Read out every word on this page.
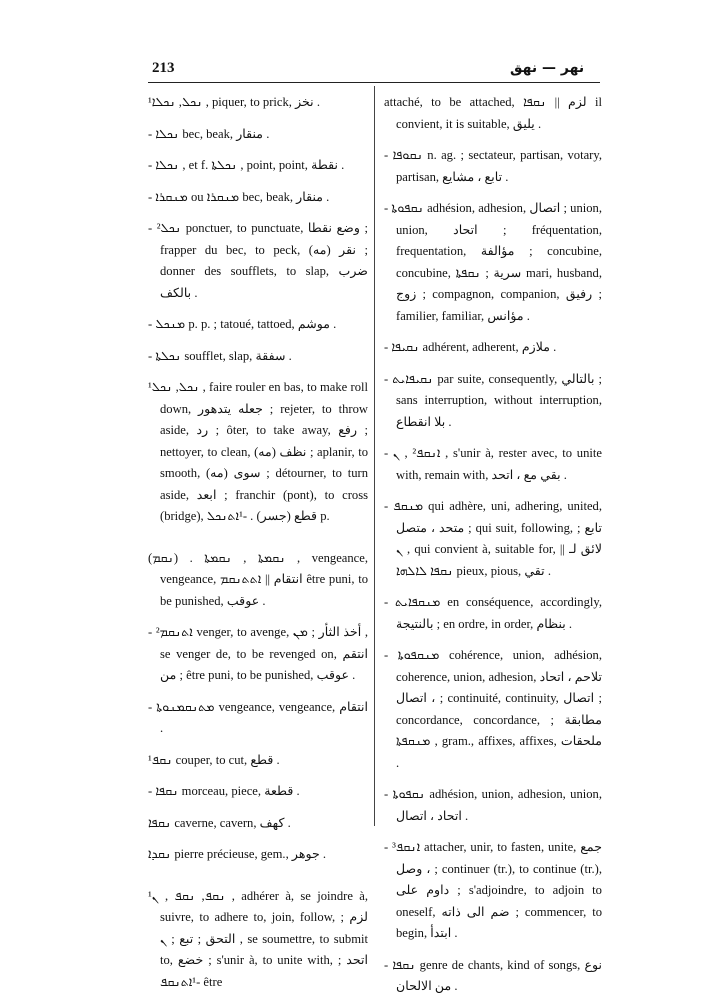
213	نهر — نهق

¹ܢܟܠ, ܢܟܠܐ , piquer, to prick, نخز .

- ܢܟܠܐ bec, beak, منقار .

- ܢܟܠܐ , et f. ܢܟܠܬܐ , point, point, نقطة .

- ܡܢܩܪܐ ou ܡܢܩܪܐ bec, beak, منقار .

- ܢܟܠ² ponctuer, to punctuate, وضع نقطا ; frapper du bec, to peck, نقر (مه) ; donner des soufflets, to slap, ضرب بالكف .

- ܡܢܟܠ p. p. ; tatoué, tattoed, موشم .

- ܢܟܠܬܐ soufflet, slap, سفقة .

¹ܢܟܠ, ܢܟܠ , faire rouler en bas, to make roll down, جعله يتدهور ; rejeter, to throw aside, رد ; ôter, to take away, رفع ; nettoyer, to clean, نظف (مه) ; aplanir, to smooth, سوى (مه) ; détourner, to turn aside, ابعد ; franchir (pont), to cross (bridge), قطع (جسر) . -¹ܐܬܢܟܠ p.

(ܢܩܡ) . ܢܩܡܬܐ , ܢܩܡܬܐ , vengeance, vengeance, انتقام || ܐܬܬܢܩܡ être puni, to be punished, عوقب .

- ܐܬܢܩܡ² venger, to avenge, أخذ الثأر ; ܡܢ , se venger de, to be revenged on, انتقم من ; être puni, to be punished, عوقب .

- ܡܬܢܩܡܢܘܬܐ vengeance, vengeance, انتقام .

¹ܢܩܦ couper, to cut, قطع .

- ܢܩܦܐ morceau, piece, قطعة .

ܢܩܦܐ caverne, cavern, كهف .

ܢܩܕܐ pierre précieuse, gem., جوهر .

¹ܢܩܦ, ܢܩܦ , ܢ , adhérer à, se joindre à, suivre, to adhere to, join, follow, لزم ; التحق ; تبع ; ܢ , se soumettre, to submit to, خضع ; s'unir à, to unite with, اتحد ; -¹ܐܬܢܩܦ être

attaché, to be attached, لزم || ܢܩܦܐ il convient, it is suitable, يليق .

- ܢܩܘܦܐ n. ag. ; sectateur, partisan, votary, partisan, تابع ، مشايع .

- ܢܩܦܘܬܐ adhésion, adhesion, اتصال ; union, union, اتحاد ; fréquentation, frequentation, مؤالفة ; concubine, concubine, سرية ; ܢܩܦܬܐ mari, husband, زوج ; compagnon, companion, رفيق ; familier, familiar, مؤانس .

- ܢܩܝܦܐ adhérent, adherent, ملازم .

- ܢܩܝܦܐܝܬ par suite, consequently, بالتالي ; sans interruption, without interruption, بلا انقطاع .

- ܐܢܩܦ² , ܢ , s'unir à, rester avec, to unite with, remain with, بقي مع ، اتحد .

- ܡܢܩܦ qui adhère, uni, adhering, united, متحد ، متصل ; qui suit, following, تابع ; ܢ , qui convient à, suitable for, لائق لـ || ܢܩܦܐ ܠܐܠܗܐ pieux, pious, تقي .

- ܡܢܩܦܐܝܬ en conséquence, accordingly, بالنتيجة ; en ordre, in order, بنظام .

- ܡܢܩܦܘܬܐ cohérence, union, adhésion, coherence, union, adhesion, تلاحم ، اتحاد ، اتصال ; continuité, continuity, اتصال ; concordance, concordance, مطابقة ; ܡܢܩܦܬܐ , gram., affixes, affixes, ملحقات .

- ܢܩܦܘܬܐ adhésion, union, adhesion, union, اتحاد ، اتصال .

- ܐܢܩܦ³ attacher, unir, to fasten, unite, جمع ، وصل ; continuer (tr.), to continue (tr.), داوم على ; s'adjoindre, to adjoin to oneself, ضم الى ذاته ; commencer, to begin, ابتدأ .

- ܢܩܦܐ genre de chants, kind of songs, نوع من الالحان .
